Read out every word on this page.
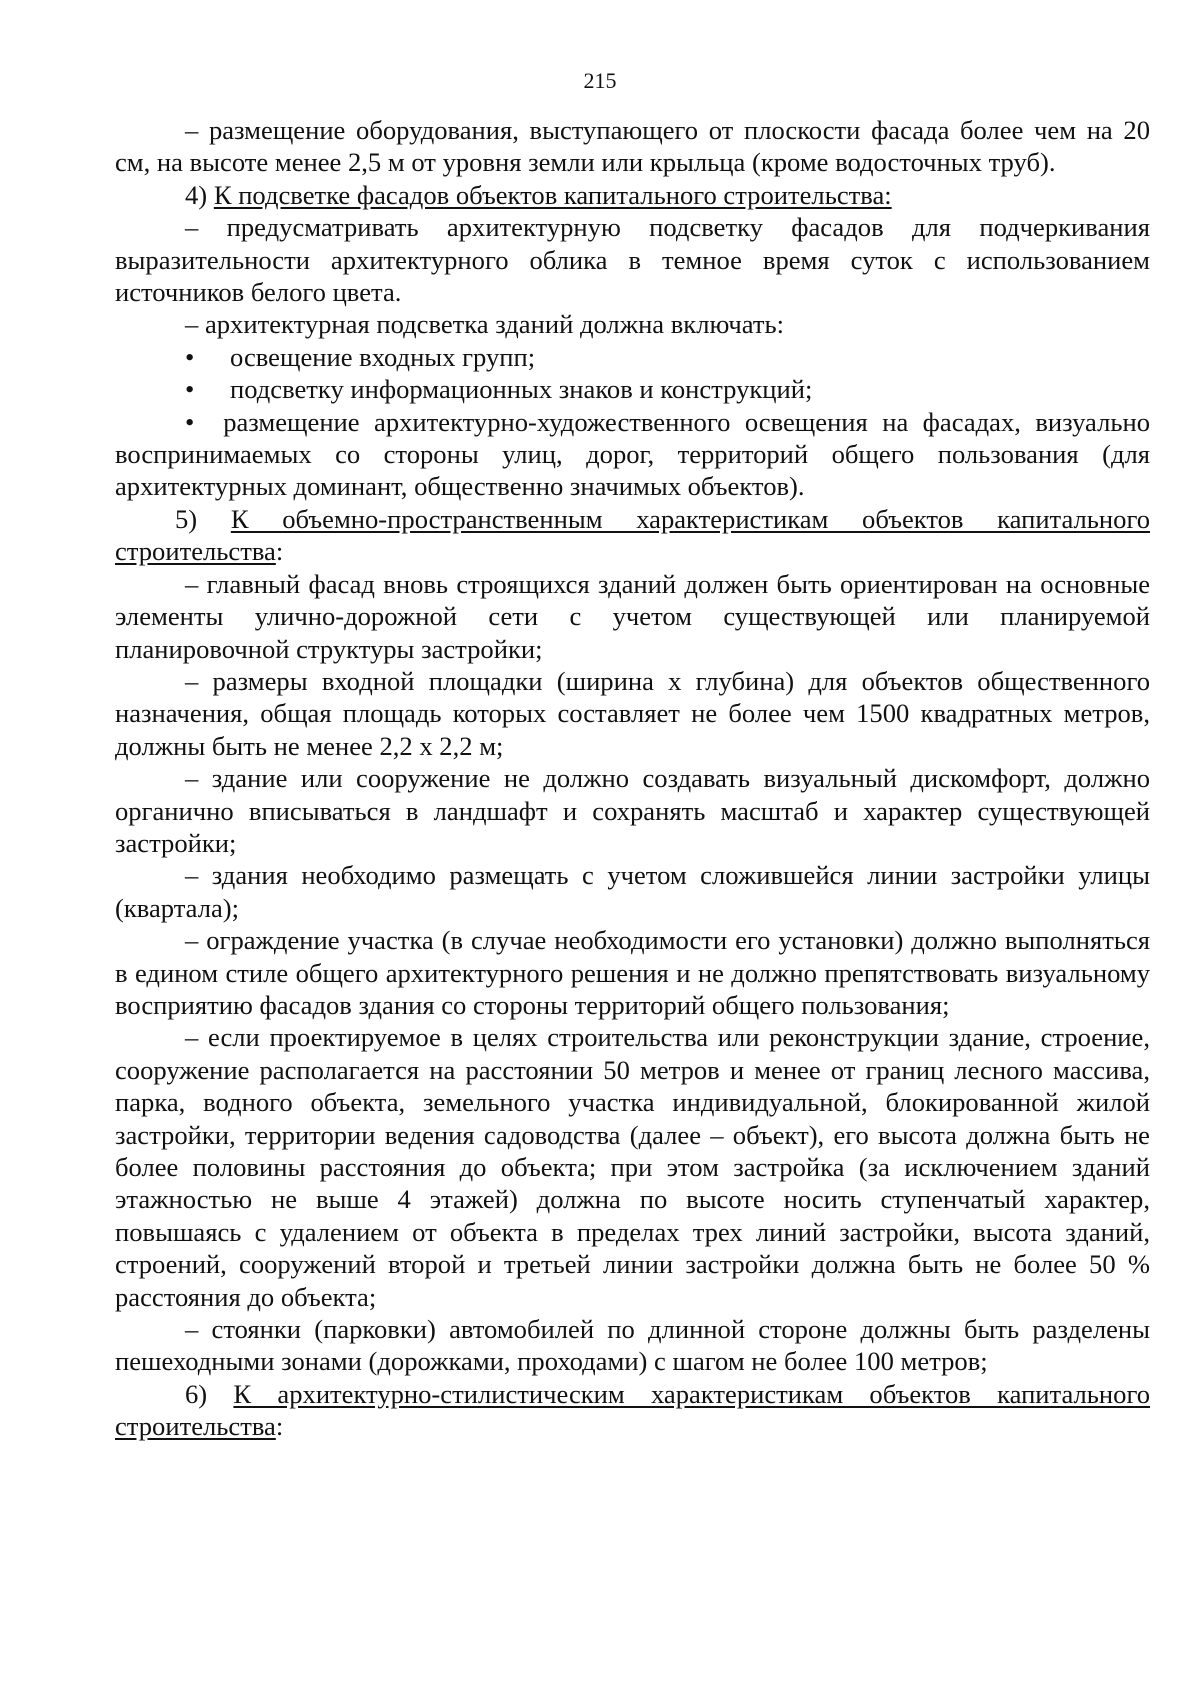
215

– размещение оборудования, выступающего от плоскости фасада более чем на 20 см, на высоте менее 2,5 м от уровня земли или крыльца (кроме водосточных труб).

4) К подсветке фасадов объектов капитального строительства:

– предусматривать архитектурную подсветку фасадов для подчеркивания выразительности архитектурного облика в темное время суток с использованием источников белого цвета.

– архитектурная подсветка зданий должна включать:

• освещение входных групп;

• подсветку информационных знаков и конструкций;

• размещение архитектурно-художественного освещения на фасадах, визуально воспринимаемых со стороны улиц, дорог, территорий общего пользования (для архитектурных доминант, общественно значимых объектов).

5) К объемно-пространственным характеристикам объектов капитального строительства:

– главный фасад вновь строящихся зданий должен быть ориентирован на основные элементы улично-дорожной сети с учетом существующей или планируемой планировочной структуры застройки;

– размеры входной площадки (ширина х глубина) для объектов общественного назначения, общая площадь которых составляет не более чем 1500 квадратных метров, должны быть не менее 2,2 х 2,2 м;

– здание или сооружение не должно создавать визуальный дискомфорт, должно органично вписываться в ландшафт и сохранять масштаб и характер существующей застройки;

– здания необходимо размещать с учетом сложившейся линии застройки улицы (квартала);

– ограждение участка (в случае необходимости его установки) должно выполняться в едином стиле общего архитектурного решения и не должно препятствовать визуальному восприятию фасадов здания со стороны территорий общего пользования;

– если проектируемое в целях строительства или реконструкции здание, строение, сооружение располагается на расстоянии 50 метров и менее от границ лесного массива, парка, водного объекта, земельного участка индивидуальной, блокированной жилой застройки, территории ведения садоводства (далее – объект), его высота должна быть не более половины расстояния до объекта; при этом застройка (за исключением зданий этажностью не выше 4 этажей) должна по высоте носить ступенчатый характер, повышаясь с удалением от объекта в пределах трех линий застройки, высота зданий, строений, сооружений второй и третьей линии застройки должна быть не более 50 % расстояния до объекта;

– стоянки (парковки) автомобилей по длинной стороне должны быть разделены пешеходными зонами (дорожками, проходами) с шагом не более 100 метров;

6) К архитектурно-стилистическим характеристикам объектов капитального строительства:
